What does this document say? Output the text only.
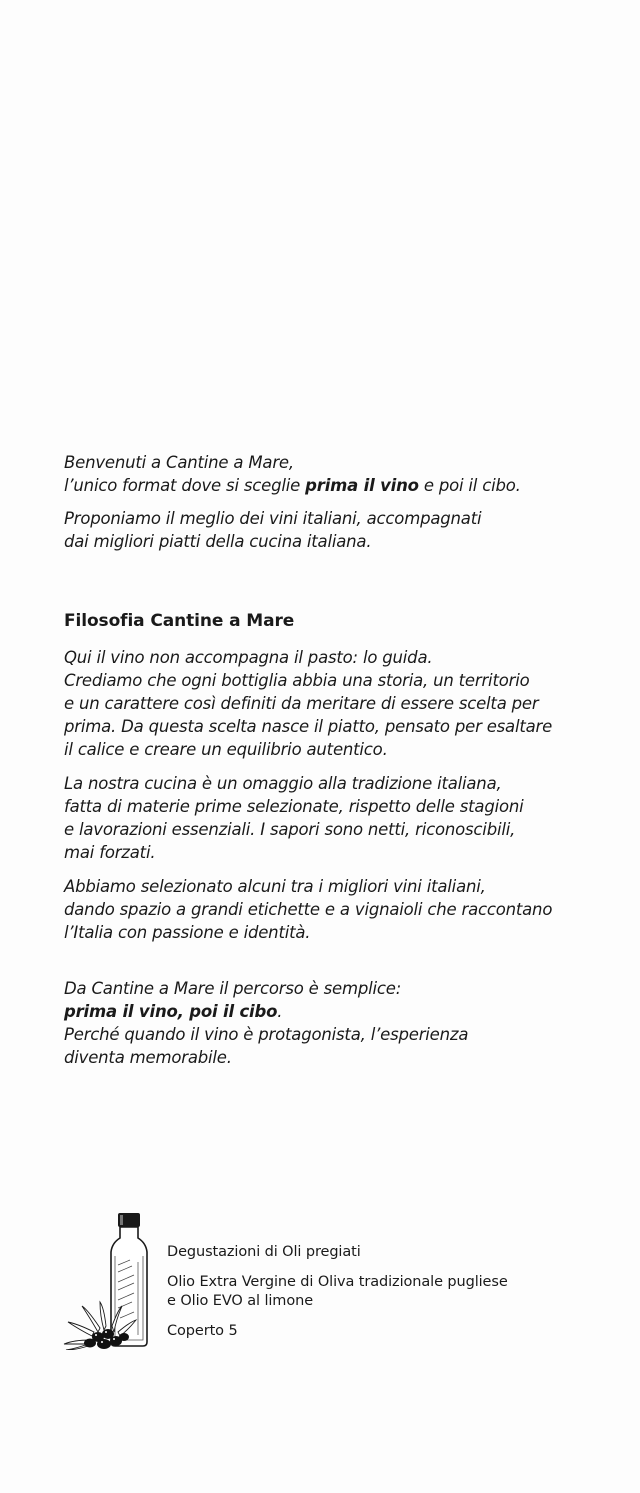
Benvenuti a Cantine a Mare,
l’unico format dove si sceglie prima il vino e poi il cibo.

Proponiamo il meglio dei vini italiani, accompagnati
dai migliori piatti della cucina italiana.

Filosofia Cantine a Mare

Qui il vino non accompagna il pasto: lo guida.
Crediamo che ogni bottiglia abbia una storia, un territorio
e un carattere così definiti da meritare di essere scelta per
prima. Da questa scelta nasce il piatto, pensato per esaltare
il calice e creare un equilibrio autentico.

La nostra cucina è un omaggio alla tradizione italiana,
fatta di materie prime selezionate, rispetto delle stagioni
e lavorazioni essenziali. I sapori sono netti, riconoscibili,
mai forzati.

Abbiamo selezionato alcuni tra i migliori vini italiani,
dando spazio a grandi etichette e a vignaioli che raccontano
l’Italia con passione e identità.

Da Cantine a Mare il percorso è semplice:
prima il vino, poi il cibo.
Perché quando il vino è protagonista, l’esperienza
diventa memorabile.

Degustazioni di Oli pregiati

Olio Extra Vergine di Oliva tradizionale pugliese
e Olio EVO al limone

Coperto 5
